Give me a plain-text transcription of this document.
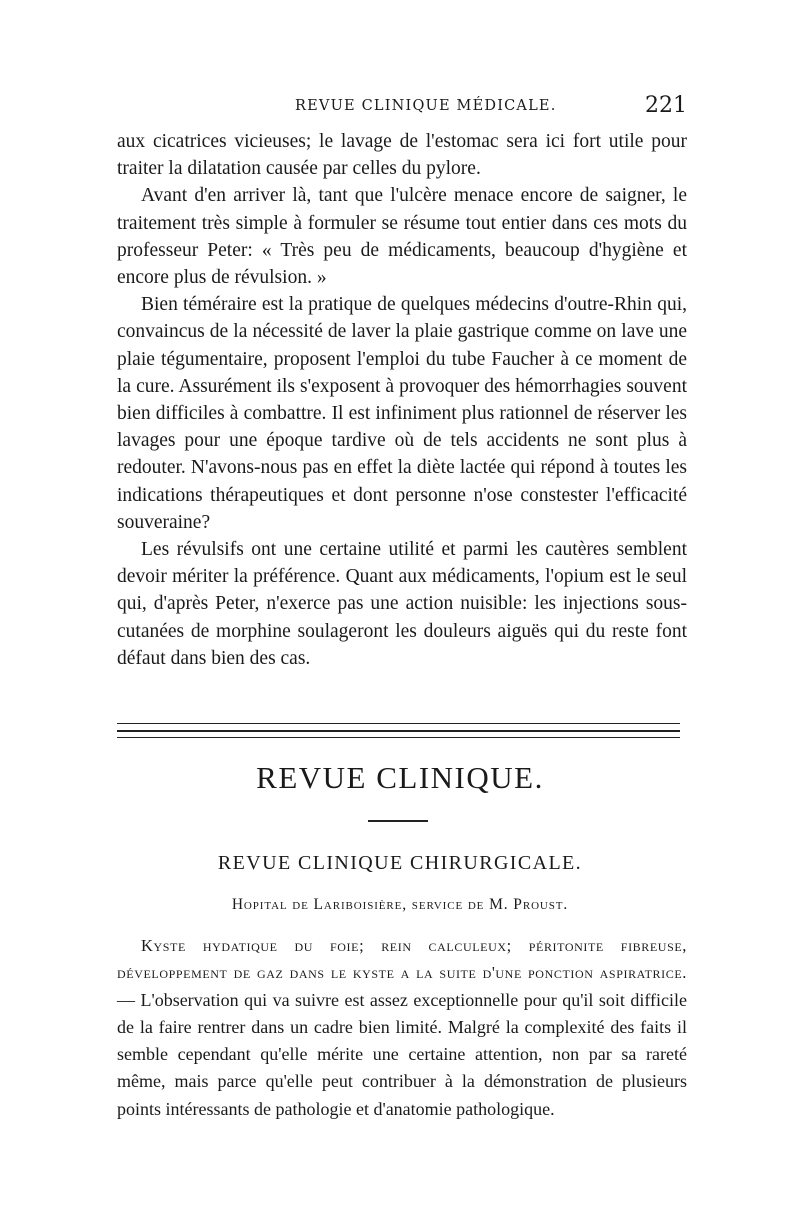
REVUE CLINIQUE MÉDICALE.	221

aux cicatrices vicieuses; le lavage de l'estomac sera ici fort utile pour traiter la dilatation causée par celles du pylore.

Avant d'en arriver là, tant que l'ulcère menace encore de saigner, le traitement très simple à formuler se résume tout entier dans ces mots du professeur Peter: « Très peu de médicaments, beaucoup d'hygiène et encore plus de révulsion. »

Bien téméraire est la pratique de quelques médecins d'outre-Rhin qui, convaincus de la nécessité de laver la plaie gastrique comme on lave une plaie tégumentaire, proposent l'emploi du tube Faucher à ce moment de la cure. Assurément ils s'exposent à provoquer des hémorrhagies souvent bien difficiles à combattre. Il est infiniment plus rationnel de réserver les lavages pour une époque tardive où de tels accidents ne sont plus à redouter. N'avons-nous pas en effet la diète lactée qui répond à toutes les indications thérapeutiques et dont personne n'ose constester l'efficacité souveraine?

Les révulsifs ont une certaine utilité et parmi les cautères semblent devoir mériter la préférence. Quant aux médicaments, l'opium est le seul qui, d'après Peter, n'exerce pas une action nuisible: les injections sous-cutanées de morphine soulageront les douleurs aiguës qui du reste font défaut dans bien des cas.

REVUE CLINIQUE.
REVUE CLINIQUE CHIRURGICALE.
Hopital de Lariboisière, service de M. Proust.

Kyste hydatique du foie; rein calculeux; péritonite fibreuse, développement de gaz dans le kyste a la suite d'une ponction aspiratrice. — L'observation qui va suivre est assez exceptionnelle pour qu'il soit difficile de la faire rentrer dans un cadre bien limité. Malgré la complexité des faits il semble cependant qu'elle mérite une certaine attention, non par sa rareté même, mais parce qu'elle peut contribuer à la démonstration de plusieurs points intéressants de pathologie et d'anatomie pathologique.
